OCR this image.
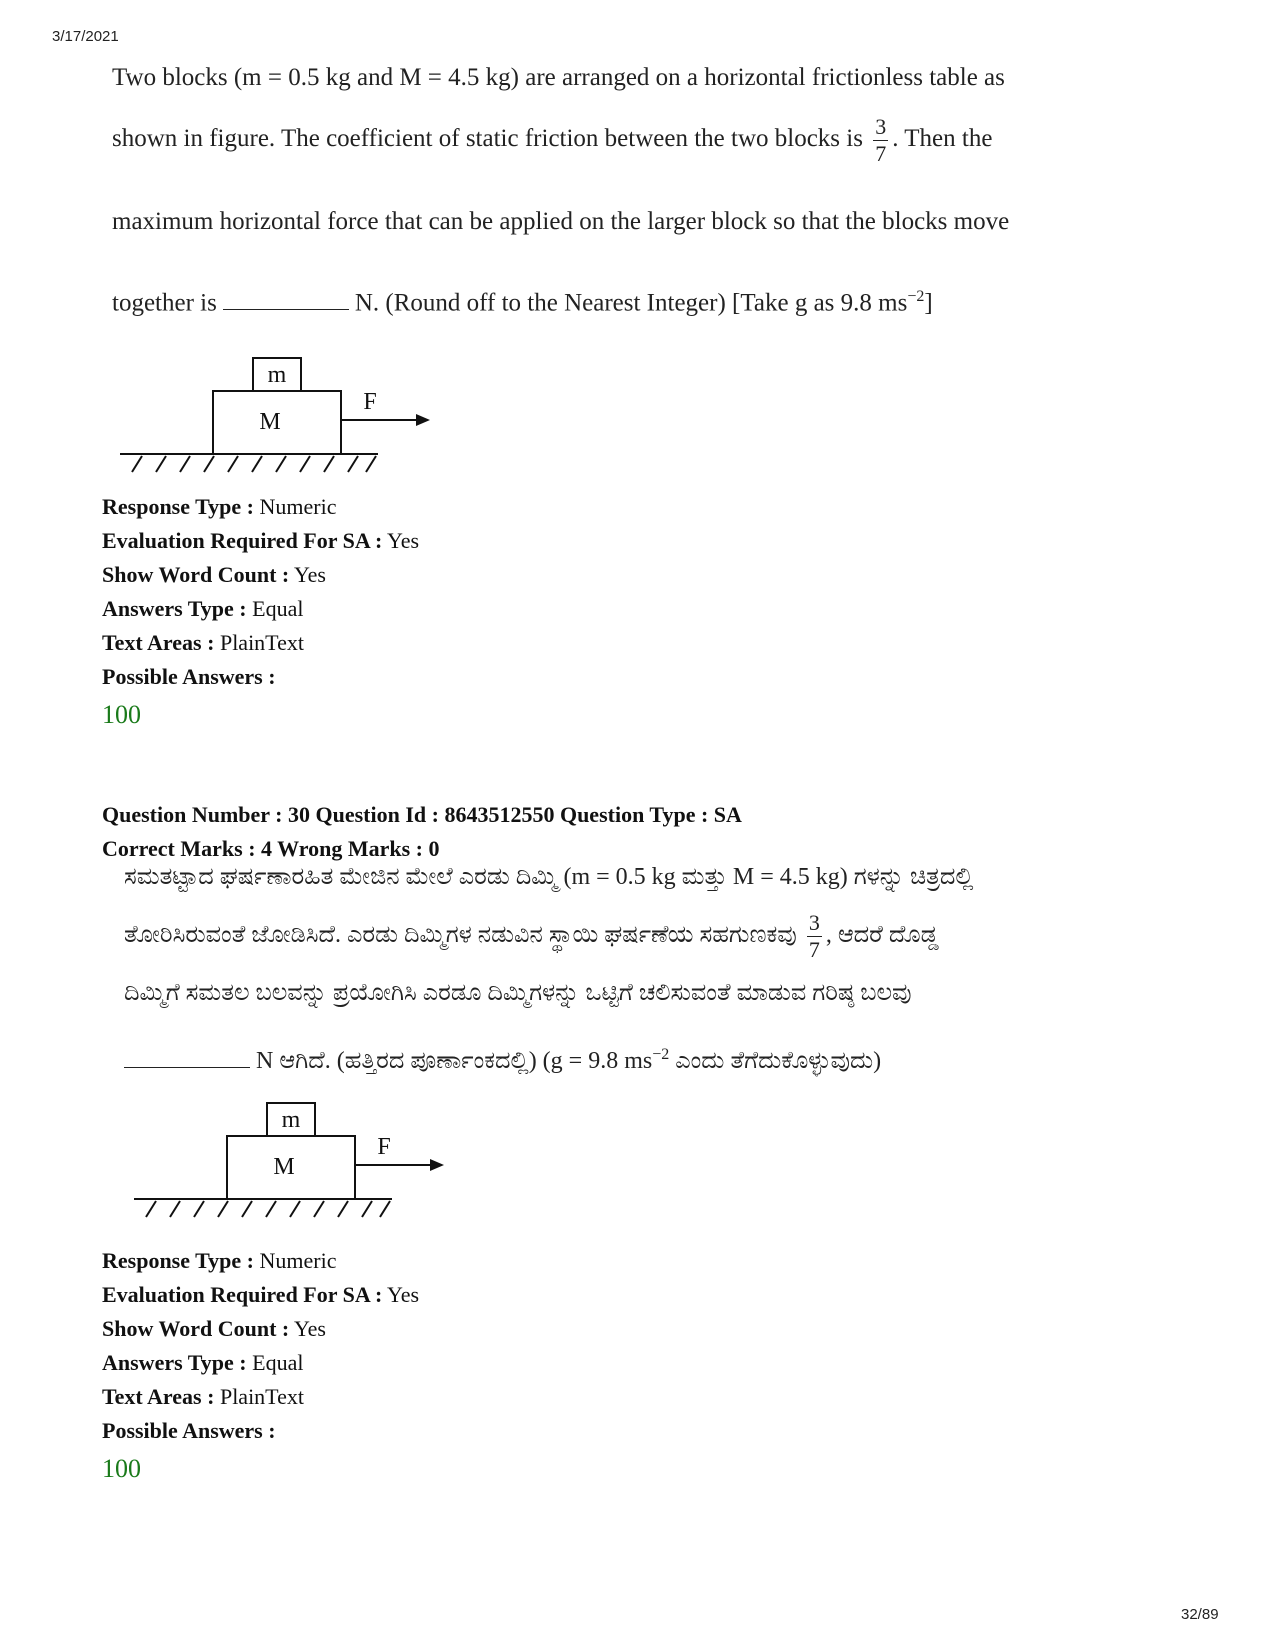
3/17/2021
Two blocks (m = 0.5 kg and M = 4.5 kg) are arranged on a horizontal frictionless table as
shown in figure. The coefficient of static friction between the two blocks is $\frac{3}{7}$ . Then the
maximum horizontal force that can be applied on the larger block so that the blocks move
together is	N. (Round off to the Nearest Integer) [Take g as 9.8 $ms^{-2}$]
m
M
F
Response Type : Numeric
Evaluation Required For SA : Yes
Show Word Count : Yes
Answers Type : Equal
Text Areas : PlainText
Possible Answers :
100
Question Number : 30 Question Id : 8643512550 Question Type : SA
Correct Marks : 4 Wrong Marks : 0
ಸಮತಟ್ಟಾದ ಘರ್ಷಣಾರಹಿತ ಮೇಜಿನ ಮೇಲೆ ಎರಡು ದಿಮ್ಮಿ (m = 0.5 kg ಮತ್ತು M = 4.5 kg) ಗಳನ್ನು ಚಿತ್ರದಲ್ಲಿ
ತೋರಿಸಿರುವಂತೆ ಜೋಡಿಸಿದೆ. ಎರಡು ದಿಮ್ಮಿಗಳ ನಡುವಿನ ಸ್ಥಾಯಿ ಘರ್ಷಣೆಯ ಸಹಗುಣಕವು $\frac{3}{7}$ , ಆದರೆ ದೊಡ್ಡ
ದಿಮ್ಮಿಗೆ ಸಮತಲ ಬಲವನ್ನು ಪ್ರಯೋಗಿಸಿ ಎರಡೂ ದಿಮ್ಮಿಗಳನ್ನು ಒಟ್ಟಿಗೆ ಚಲಿಸುವಂತೆ ಮಾಡುವ ಗರಿಷ್ಠ ಬಲವು
N ಆಗಿದೆ. (ಹತ್ತಿರದ ಪೂರ್ಣಾಂಕದಲ್ಲಿ) (g = 9.8 $ms^{-2}$ ಎಂದು ತೆಗೆದುಕೊಳ್ಳುವುದು)
m
M
F
Response Type : Numeric
Evaluation Required For SA : Yes
Show Word Count : Yes
Answers Type : Equal
Text Areas : PlainText
Possible Answers :
100
32/89
